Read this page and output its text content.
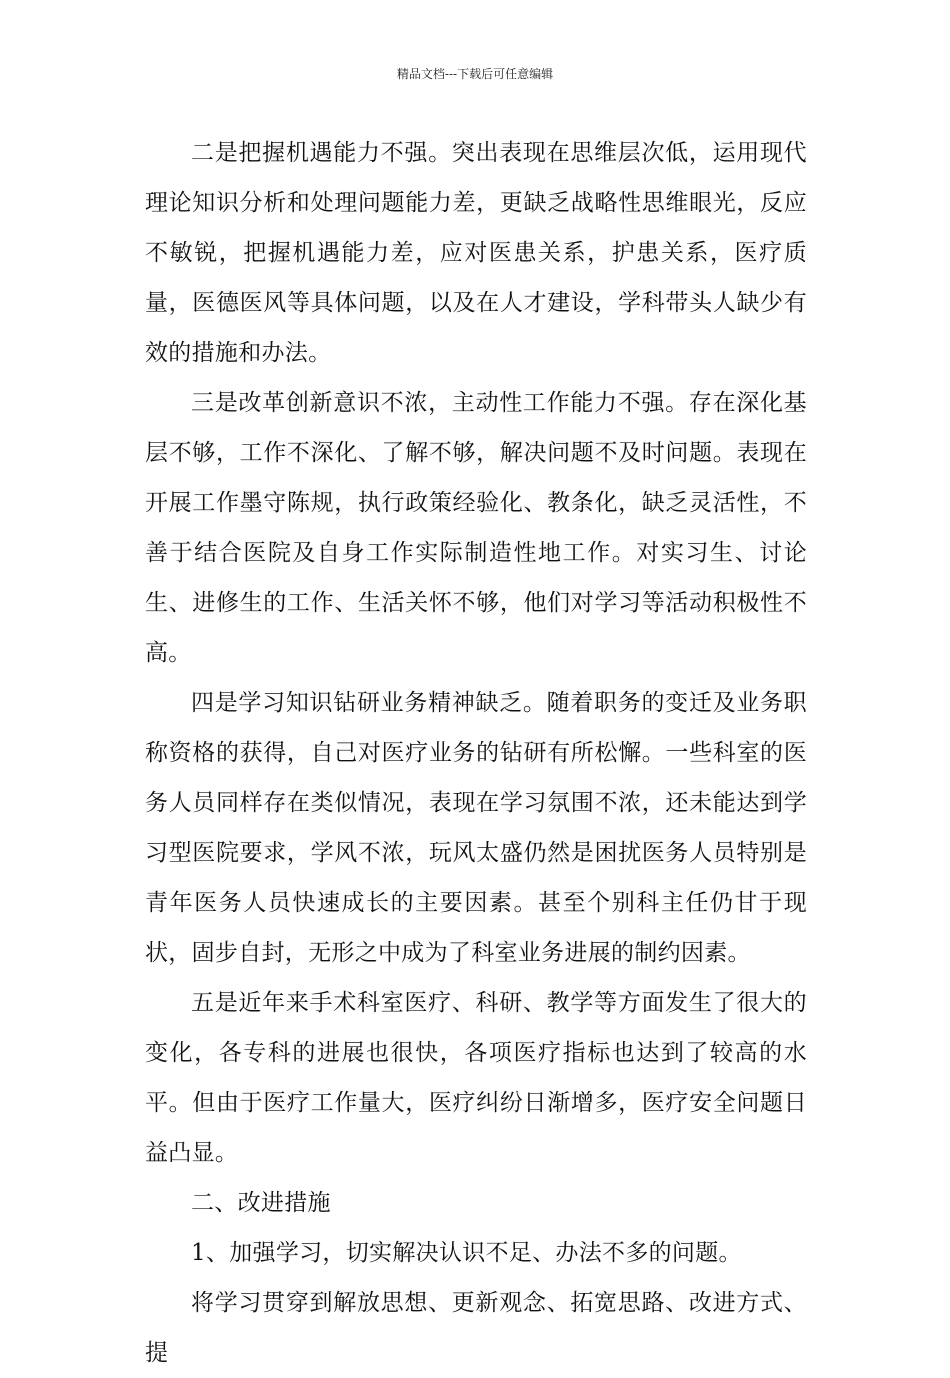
精品文档---下载后可任意编辑

二是把握机遇能力不强。突出表现在思维层次低，运用现代理论知识分析和处理问题能力差，更缺乏战略性思维眼光，反应不敏锐，把握机遇能力差，应对医患关系，护患关系，医疗质量，医德医风等具体问题，以及在人才建设，学科带头人缺少有效的措施和办法。

三是改革创新意识不浓，主动性工作能力不强。存在深化基层不够，工作不深化、了解不够，解决问题不及时问题。表现在开展工作墨守陈规，执行政策经验化、教条化，缺乏灵活性，不善于结合医院及自身工作实际制造性地工作。对实习生、讨论生、进修生的工作、生活关怀不够，他们对学习等活动积极性不高。

四是学习知识钻研业务精神缺乏。随着职务的变迁及业务职称资格的获得，自己对医疗业务的钻研有所松懈。一些科室的医务人员同样存在类似情况，表现在学习氛围不浓，还未能达到学习型医院要求，学风不浓，玩风太盛仍然是困扰医务人员特别是青年医务人员快速成长的主要因素。甚至个别科主任仍甘于现状，固步自封，无形之中成为了科室业务进展的制约因素。

五是近年来手术科室医疗、科研、教学等方面发生了很大的变化，各专科的进展也很快，各项医疗指标也达到了较高的水平。但由于医疗工作量大，医疗纠纷日渐增多，医疗安全问题日益凸显。

二、改进措施

1、加强学习，切实解决认识不足、办法不多的问题。

将学习贯穿到解放思想、更新观念、拓宽思路、改进方式、提
